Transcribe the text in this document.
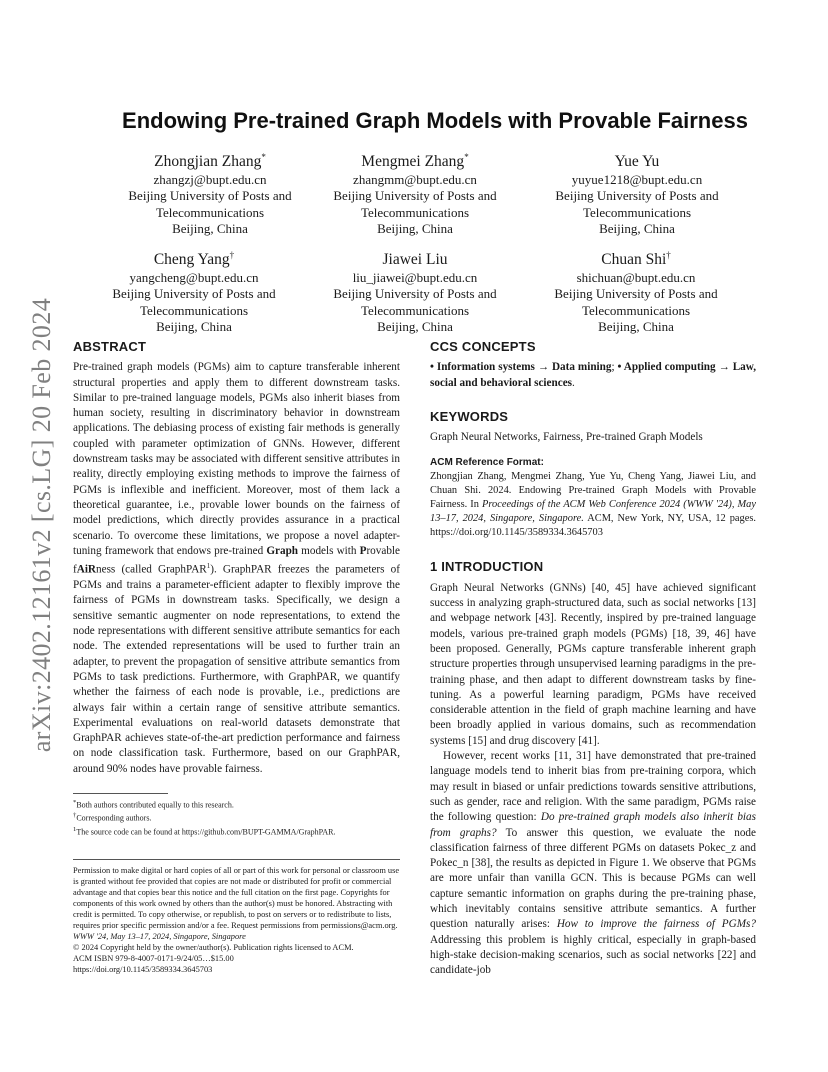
arXiv:2402.12161v2 [cs.LG] 20 Feb 2024
Endowing Pre-trained Graph Models with Provable Fairness
Zhongjian Zhang*
zhangzj@bupt.edu.cn
Beijing University of Posts and
Telecommunications
Beijing, China
Mengmei Zhang*
zhangmm@bupt.edu.cn
Beijing University of Posts and
Telecommunications
Beijing, China
Yue Yu
yuyue1218@bupt.edu.cn
Beijing University of Posts and
Telecommunications
Beijing, China
Cheng Yang†
yangcheng@bupt.edu.cn
Beijing University of Posts and
Telecommunications
Beijing, China
Jiawei Liu
liu_jiawei@bupt.edu.cn
Beijing University of Posts and
Telecommunications
Beijing, China
Chuan Shi†
shichuan@bupt.edu.cn
Beijing University of Posts and
Telecommunications
Beijing, China
ABSTRACT

Pre-trained graph models (PGMs) aim to capture transferable inherent structural properties and apply them to different downstream tasks. Similar to pre-trained language models, PGMs also inherit biases from human society, resulting in discriminatory behavior in downstream applications. The debiasing process of existing fair methods is generally coupled with parameter optimization of GNNs. However, different downstream tasks may be associated with different sensitive attributes in reality, directly employing existing methods to improve the fairness of PGMs is inflexible and inefficient. Moreover, most of them lack a theoretical guarantee, i.e., provable lower bounds on the fairness of model predictions, which directly provides assurance in a practical scenario. To overcome these limitations, we propose a novel adapter-tuning framework that endows pre-trained Graph models with Provable fAiRness (called GraphPAR$^1$). GraphPAR freezes the parameters of PGMs and trains a parameter-efficient adapter to flexibly improve the fairness of PGMs in downstream tasks. Specifically, we design a sensitive semantic augmenter on node representations, to extend the node representations with different sensitive attribute semantics for each node. The extended representations will be used to further train an adapter, to prevent the propagation of sensitive attribute semantics from PGMs to task predictions. Furthermore, with GraphPAR, we quantify whether the fairness of each node is provable, i.e., predictions are always fair within a certain range of sensitive attribute semantics. Experimental evaluations on real-world datasets demonstrate that GraphPAR achieves state-of-the-art prediction performance and fairness on node classification task. Furthermore, based on our GraphPAR, around 90% nodes have provable fairness.

*Both authors contributed equally to this research.
†Corresponding authors.
$^1$The source code can be found at https://github.com/BUPT-GAMMA/GraphPAR.
Permission to make digital or hard copies of all or part of this work for personal or classroom use is granted without fee provided that copies are not made or distributed for profit or commercial advantage and that copies bear this notice and the full citation on the first page. Copyrights for components of this work owned by others than the author(s) must be honored. Abstracting with credit is permitted. To copy otherwise, or republish, to post on servers or to redistribute to lists, requires prior specific permission and/or a fee. Request permissions from permissions@acm.org.
WWW '24, May 13–17, 2024, Singapore, Singapore
© 2024 Copyright held by the owner/author(s). Publication rights licensed to ACM.
ACM ISBN 979-8-4007-0171-9/24/05…$15.00
https://doi.org/10.1145/3589334.3645703
CCS CONCEPTS

• Information systems → Data mining; • Applied computing → Law, social and behavioral sciences.

KEYWORDS

Graph Neural Networks, Fairness, Pre-trained Graph Models

ACM Reference Format:
Zhongjian Zhang, Mengmei Zhang, Yue Yu, Cheng Yang, Jiawei Liu, and Chuan Shi. 2024. Endowing Pre-trained Graph Models with Provable Fairness. In Proceedings of the ACM Web Conference 2024 (WWW '24), May 13–17, 2024, Singapore, Singapore. ACM, New York, NY, USA, 12 pages. https://doi.org/10.1145/3589334.3645703
1 INTRODUCTION

Graph Neural Networks (GNNs) [40, 45] have achieved significant success in analyzing graph-structured data, such as social networks [13] and webpage network [43]. Recently, inspired by pre-trained language models, various pre-trained graph models (PGMs) [18, 39, 46] have been proposed. Generally, PGMs capture transferable inherent graph structure properties through unsupervised learning paradigms in the pre-training phase, and then adapt to different downstream tasks by fine-tuning. As a powerful learning paradigm, PGMs have received considerable attention in the field of graph machine learning and have been broadly applied in various domains, such as recommendation systems [15] and drug discovery [41].

However, recent works [11, 31] have demonstrated that pre-trained language models tend to inherit bias from pre-training corpora, which may result in biased or unfair predictions towards sensitive attributions, such as gender, race and religion. With the same paradigm, PGMs raise the following question: Do pre-trained graph models also inherit bias from graphs? To answer this question, we evaluate the node classification fairness of three different PGMs on datasets Pokec_z and Pokec_n [38], the results as depicted in Figure 1. We observe that PGMs are more unfair than vanilla GCN. This is because PGMs can well capture semantic information on graphs during the pre-training phase, which inevitably contains sensitive attribute semantics. A further question naturally arises: How to improve the fairness of PGMs? Addressing this problem is highly critical, especially in graph-based high-stake decision-making scenarios, such as social networks [22] and candidate-job
